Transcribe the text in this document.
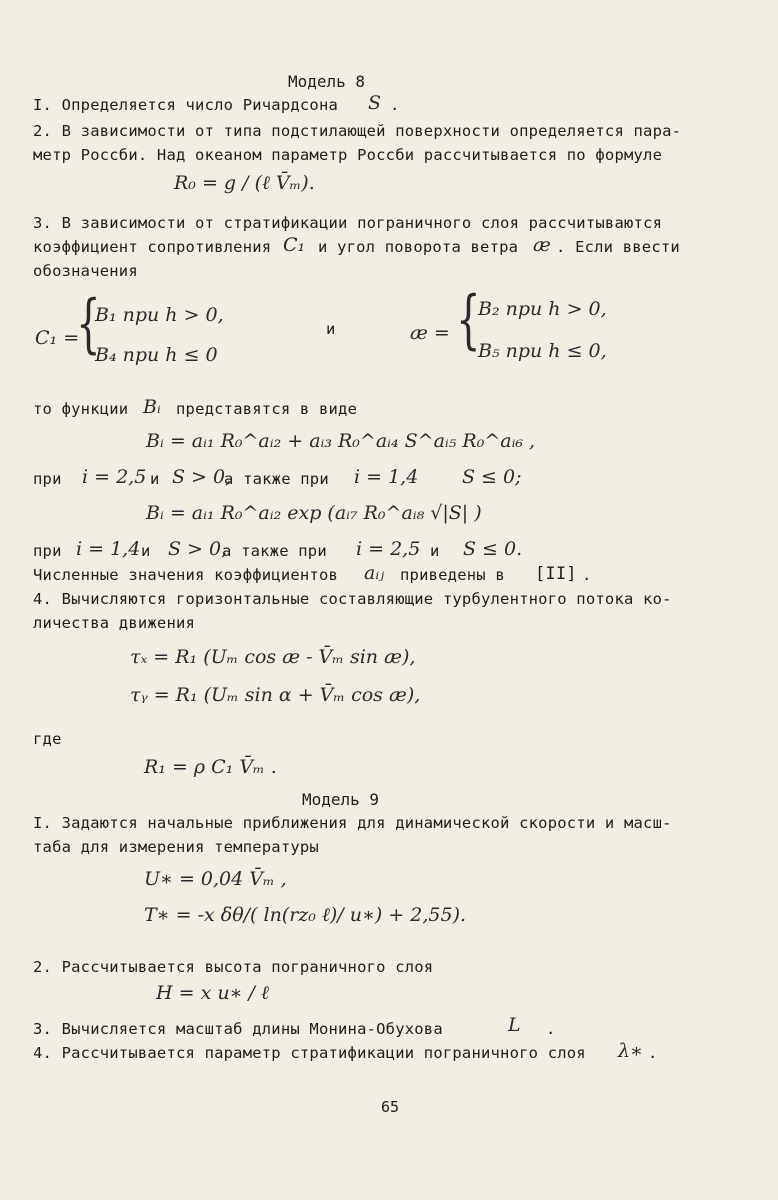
Модель 8
I. Определяется число Ричардсона S .
2. В зависимости от типа подстилающей поверхности определяется пара-
метр Россби. Над океаном параметр Россби рассчитывается по формуле
R₀ = g / (ℓ V̄ₘ).
3. В зависимости от стратификации пограничного слоя рассчитываются
коэффициент сопротивления C₁ и угол поворота ветра æ . Если ввести
обозначения
C₁ =
{
B₁ при h > 0,
B₄ при h ≤ 0
и	æ = {
B₂ при h > 0,
B₅ при h ≤ 0,
то функции Bᵢ представятся в виде
Bᵢ = aᵢ₁ R₀^aᵢ₂ + aᵢ₃ R₀^aᵢ₄ S^aᵢ₅ R₀^aᵢ₆ ,
при i = 2,5 и S > 0,
а также при i = 1,4 S ≤ 0;
Bᵢ = aᵢ₁ R₀^aᵢ₂ exp (aᵢ₇ R₀^aᵢ₈ √|S| )
при i = 1,4 и S > 0,
а также при i = 2,5 и S ≤ 0.
Численные значения коэффициентов aᵢⱼ приведены в [II] .
4. Вычисляются горизонтальные составляющие турбулентного потока ко-
личества движения
τₓ = R₁ (Uₘ cos æ - V̄ₘ sin æ),
τᵧ = R₁ (Uₘ sin α + V̄ₘ cos æ),
где
R₁ = ρ C₁ V̄ₘ .
Модель 9
I. Задаются начальные приближения для динамической скорости и масш-
таба для измерения температуры
U∗ = 0,04 V̄ₘ ,
T∗ = -x δθ/( ln(rz₀ ℓ)/ u∗) + 2,55).
2. Рассчитывается высота пограничного слоя
H = x u∗ / ℓ
3. Вычисляется масштаб длины Монина-Обухова	L .
4. Рассчитывается параметр стратификации пограничного слоя λ∗ .
65
